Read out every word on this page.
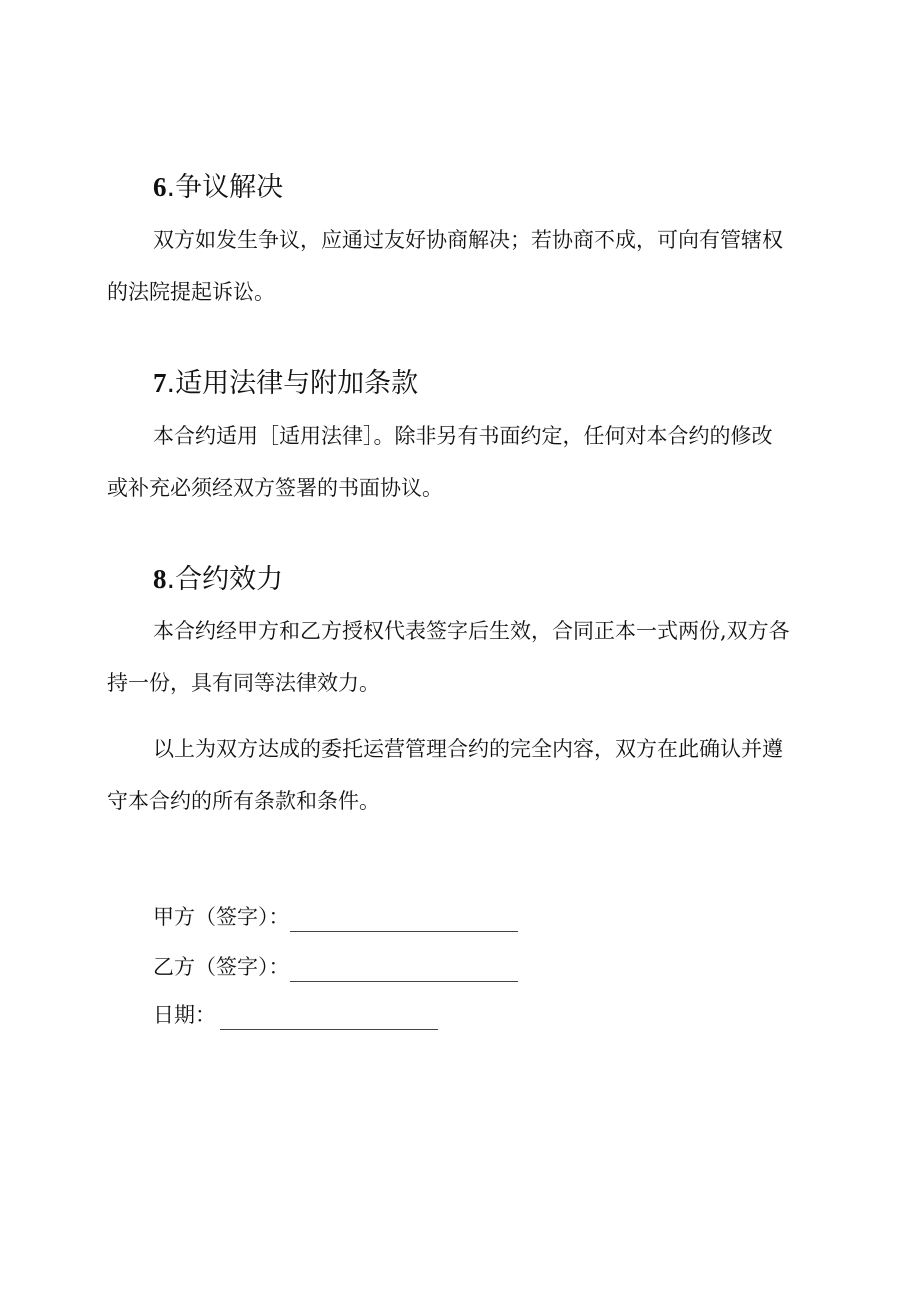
6.争议解决
双方如发生争议，应通过友好协商解决；若协商不成，可向有管辖权
的法院提起诉讼。
7.适用法律与附加条款
本合约适用［适用法律］。除非另有书面约定，任何对本合约的修改
或补充必须经双方签署的书面协议。
8.合约效力
本合约经甲方和乙方授权代表签字后生效，合同正本一式两份,双方各
持一份，具有同等法律效力。
以上为双方达成的委托运营管理合约的完全内容，双方在此确认并遵
守本合约的所有条款和条件。
甲方（签字）：
乙方（签字）：
日期：
